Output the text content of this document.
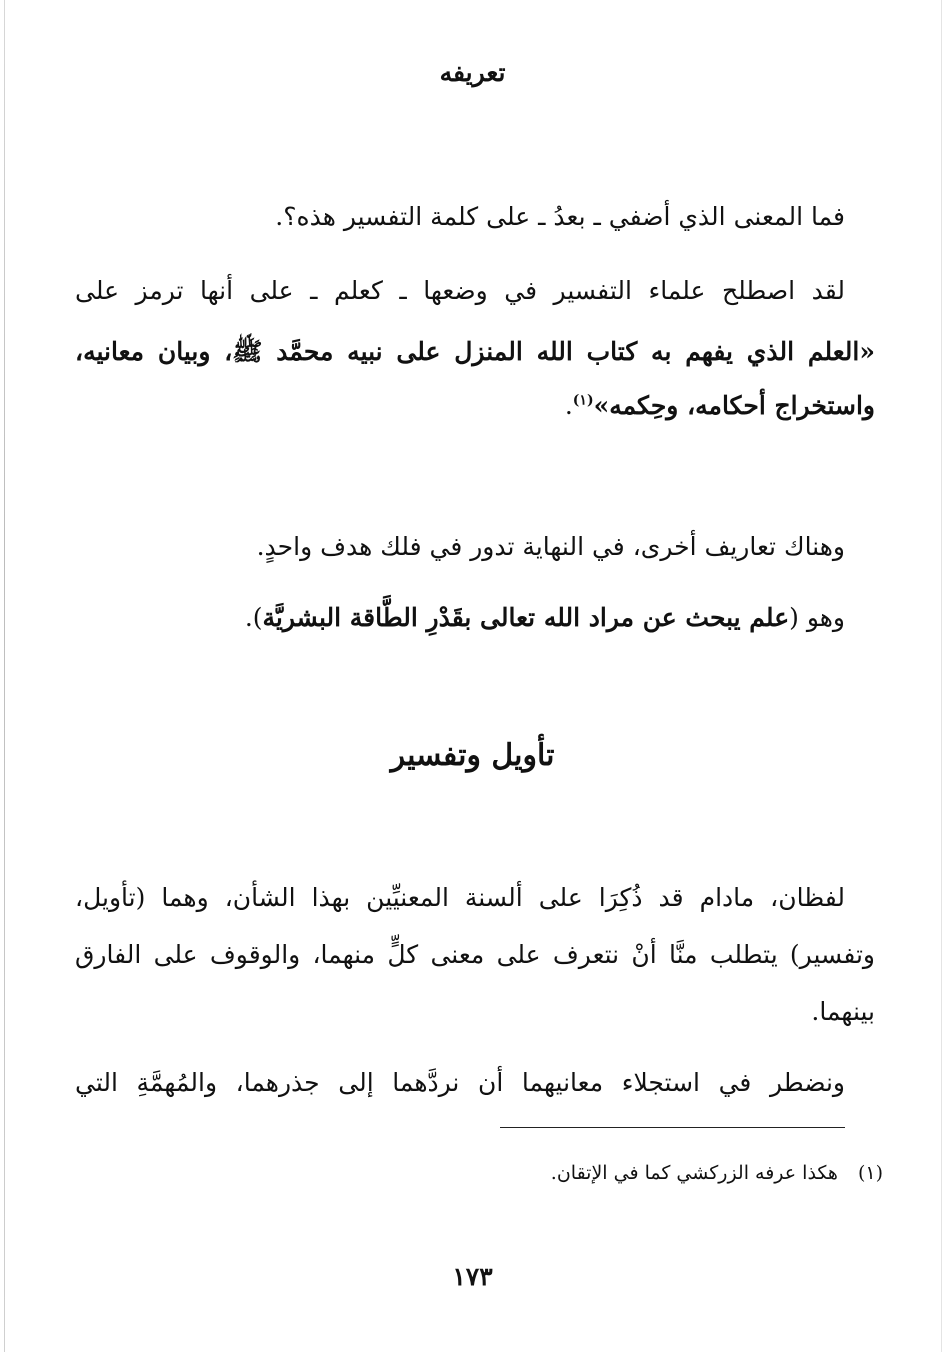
تعريفه
فما المعنى الذي أضفي ـ بعدُ ـ على كلمة التفسير هذه؟.
لقد اصطلح علماء التفسير في وضعها ـ كعلم ـ على أنها ترمز على
«العلم الذي يفهم به كتاب الله المنزل على نبيه محمَّد ﷺ، وبيان معانيه،
واستخراج أحكامه، وحِكمه»$^{(١)}$.
وهناك تعاريف أخرى، في النهاية تدور في فلك هدف واحدٍ.
وهو (علم يبحث عن مراد الله تعالى بقَدْرِ الطَّاقة البشريَّة).
تأويل وتفسير
لفظان، مادام قد ذُكِرَا على ألسنة المعنيِّين بهذا الشأن، وهما (تأويل،
وتفسير) يتطلب منَّا أنْ نتعرف على معنى كلٍّ منهما، والوقوف على الفارق
بينهما.
ونضطر في استجلاء معانيهما أن نردَّهما إلى جذرهما، والمُهمَّةِ التي
(١)هكذا عرفه الزركشي كما في الإتقان.
١٧٣
